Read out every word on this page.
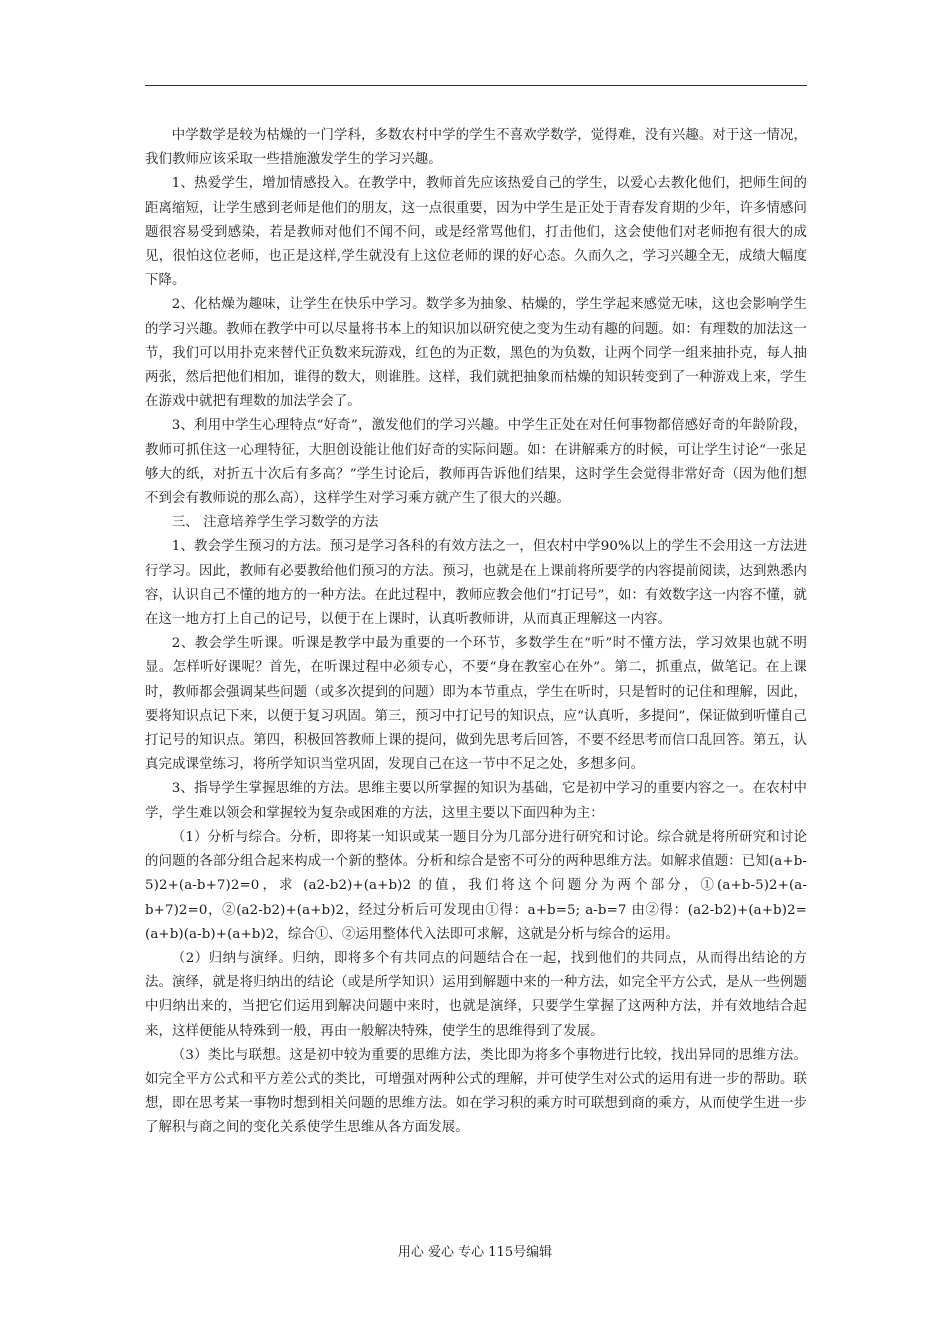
中学数学是较为枯燥的一门学科，多数农村中学的学生不喜欢学数学，觉得难，没有兴趣。对于这一情况，我们教师应该采取一些措施激发学生的学习兴趣。

1、热爱学生，增加情感投入。在教学中，教师首先应该热爱自己的学生，以爱心去教化他们，把师生间的距离缩短，让学生感到老师是他们的朋友，这一点很重要，因为中学生是正处于青春发育期的少年，许多情感问题很容易受到感染，若是教师对他们不闻不问，或是经常骂他们，打击他们，这会使他们对老师抱有很大的成见，很怕这位老师，也正是这样,学生就没有上这位老师的课的好心态。久而久之，学习兴趣全无，成绩大幅度下降。

2、化枯燥为趣味，让学生在快乐中学习。数学多为抽象、枯燥的，学生学起来感觉无味，这也会影响学生的学习兴趣。教师在教学中可以尽量将书本上的知识加以研究使之变为生动有趣的问题。如：有理数的加法这一节，我们可以用扑克来替代正负数来玩游戏，红色的为正数，黑色的为负数，让两个同学一组来抽扑克，每人抽两张，然后把他们相加，谁得的数大，则谁胜。这样，我们就把抽象而枯燥的知识转变到了一种游戏上来，学生在游戏中就把有理数的加法学会了。

3、利用中学生心理特点“好奇”，激发他们的学习兴趣。中学生正处在对任何事物都倍感好奇的年龄阶段，教师可抓住这一心理特征，大胆创设能让他们好奇的实际问题。如：在讲解乘方的时候，可让学生讨论“一张足够大的纸，对折五十次后有多高？”学生讨论后，教师再告诉他们结果，这时学生会觉得非常好奇（因为他们想不到会有教师说的那么高），这样学生对学习乘方就产生了很大的兴趣。

三、 注意培养学生学习数学的方法

1、教会学生预习的方法。预习是学习各科的有效方法之一，但农村中学90%以上的学生不会用这一方法进行学习。因此，教师有必要教给他们预习的方法。预习，也就是在上课前将所要学的内容提前阅读，达到熟悉内容，认识自己不懂的地方的一种方法。在此过程中，教师应教会他们“打记号”，如：有效数字这一内容不懂，就在这一地方打上自己的记号，以便于在上课时，认真听教师讲，从而真正理解这一内容。

2、教会学生听课。听课是教学中最为重要的一个环节，多数学生在“听”时不懂方法，学习效果也就不明显。怎样听好课呢？首先，在听课过程中必须专心，不要“身在教室心在外”。第二，抓重点，做笔记。在上课时，教师都会强调某些问题（或多次提到的问题）即为本节重点，学生在听时，只是暂时的记住和理解，因此，要将知识点记下来，以便于复习巩固。第三，预习中打记号的知识点，应“认真听，多提问”，保证做到听懂自己打记号的知识点。第四，积极回答教师上课的提问，做到先思考后回答，不要不经思考而信口乱回答。第五，认真完成课堂练习，将所学知识当堂巩固，发现自己在这一节中不足之处，多想多问。

3、指导学生掌握思维的方法。思维主要以所掌握的知识为基础，它是初中学习的重要内容之一。在农村中学，学生难以领会和掌握较为复杂或困难的方法，这里主要以下面四种为主：

（1）分析与综合。分析，即将某一知识或某一题目分为几部分进行研究和讨论。综合就是将所研究和讨论的问题的各部分组合起来构成一个新的整体。分析和综合是密不可分的两种思维方法。如解求值题：已知(a+b-5)2+(a-b+7)2=0，求 (a2-b2)+(a+b)2 的值，我们将这个问题分为两个部分，①(a+b-5)2+(a-b+7)2=0，②(a2-b2)+(a+b)2，经过分析后可发现由①得：a+b=5; a-b=7 由②得：(a2-b2)+(a+b)2=(a+b)(a-b)+(a+b)2，综合①、②运用整体代入法即可求解，这就是分析与综合的运用。

（2）归纳与演绎。归纳，即将多个有共同点的问题结合在一起，找到他们的共同点，从而得出结论的方法。演绎，就是将归纳出的结论（或是所学知识）运用到解题中来的一种方法，如完全平方公式，是从一些例题中归纳出来的，当把它们运用到解决问题中来时，也就是演绎，只要学生掌握了这两种方法，并有效地结合起来，这样便能从特殊到一般，再由一般解决特殊，使学生的思维得到了发展。

（3）类比与联想。这是初中较为重要的思维方法，类比即为将多个事物进行比较，找出异同的思维方法。如完全平方公式和平方差公式的类比，可增强对两种公式的理解，并可使学生对公式的运用有进一步的帮助。联想，即在思考某一事物时想到相关问题的思维方法。如在学习积的乘方时可联想到商的乘方，从而使学生进一步了解积与商之间的变化关系使学生思维从各方面发展。

用心 爱心 专心 115号编辑
